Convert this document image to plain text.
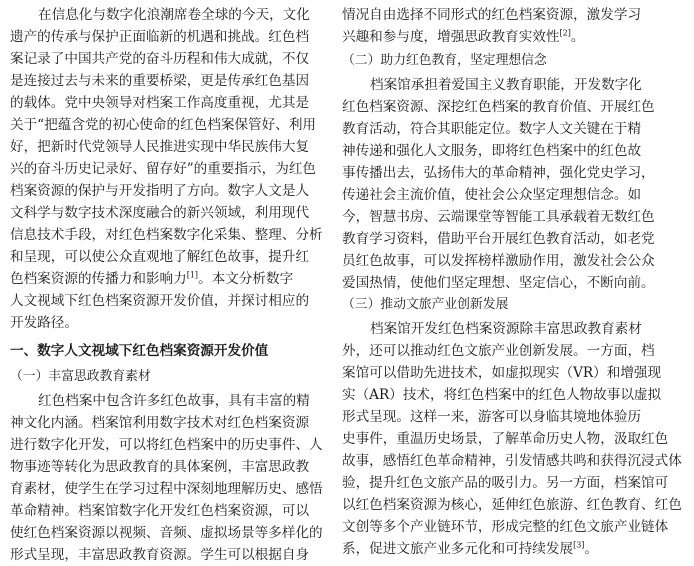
在信息化与数字化浪潮席卷全球的今天，文化
遗产的传承与保护正面临新的机遇和挑战。红色档
案记录了中国共产党的奋斗历程和伟大成就，不仅
是连接过去与未来的重要桥梁，更是传承红色基因
的载体。党中央领导对档案工作高度重视，尤其是
关于“把蕴含党的初心使命的红色档案保管好、利用
好，把新时代党领导人民推进实现中华民族伟大复
兴的奋斗历史记录好、留存好”的重要指示，为红色
档案资源的保护与开发指明了方向。数字人文是人
文科学与数字技术深度融合的新兴领域，利用现代
信息技术手段，对红色档案数字化采集、整理、分析
和呈现，可以使公众直观地了解红色故事，提升红
色档案资源的传播力和影响力[1]。本文分析数字
人文视域下红色档案资源开发价值，并探讨相应的
开发路径。
一、数字人文视域下红色档案资源开发价值
（一）丰富思政教育素材
红色档案中包含许多红色故事，具有丰富的精
神文化内涵。档案馆利用数字技术对红色档案资源
进行数字化开发，可以将红色档案中的历史事件、人
物事迹等转化为思政教育的具体案例，丰富思政教
育素材，使学生在学习过程中深刻地理解历史、感悟
革命精神。档案馆数字化开发红色档案资源，可以
使红色档案资源以视频、音频、虚拟场景等多样化的
形式呈现，丰富思政教育资源。学生可以根据自身
情况自由选择不同形式的红色档案资源，激发学习
兴趣和参与度，增强思政教育实效性[2]。
（二）助力红色教育，坚定理想信念
档案馆承担着爱国主义教育职能，开发数字化
红色档案资源、深挖红色档案的教育价值、开展红色
教育活动，符合其职能定位。数字人文关键在于精
神传递和强化人文服务，即将红色档案中的红色故
事传播出去，弘扬伟大的革命精神，强化党史学习，
传递社会主流价值，使社会公众坚定理想信念。如
今，智慧书房、云端课堂等智能工具承载着无数红色
教育学习资料，借助平台开展红色教育活动，如老党
员红色故事，可以发挥榜样激励作用，激发社会公众
爱国热情，使他们坚定理想、坚定信心，不断向前。
（三）推动文旅产业创新发展
档案馆开发红色档案资源除丰富思政教育素材
外，还可以推动红色文旅产业创新发展。一方面，档
案馆可以借助先进技术，如虚拟现实（VR）和增强现
实（AR）技术，将红色档案中的红色人物故事以虚拟
形式呈现。这样一来，游客可以身临其境地体验历
史事件，重温历史场景，了解革命历史人物，汲取红色
故事，感悟红色革命精神，引发情感共鸣和获得沉浸式体
验，提升红色文旅产品的吸引力。另一方面，档案馆可
以红色档案资源为核心，延伸红色旅游、红色教育、红色
文创等多个产业链环节，形成完整的红色文旅产业链体
系，促进文旅产业多元化和可持续发展[3]。
